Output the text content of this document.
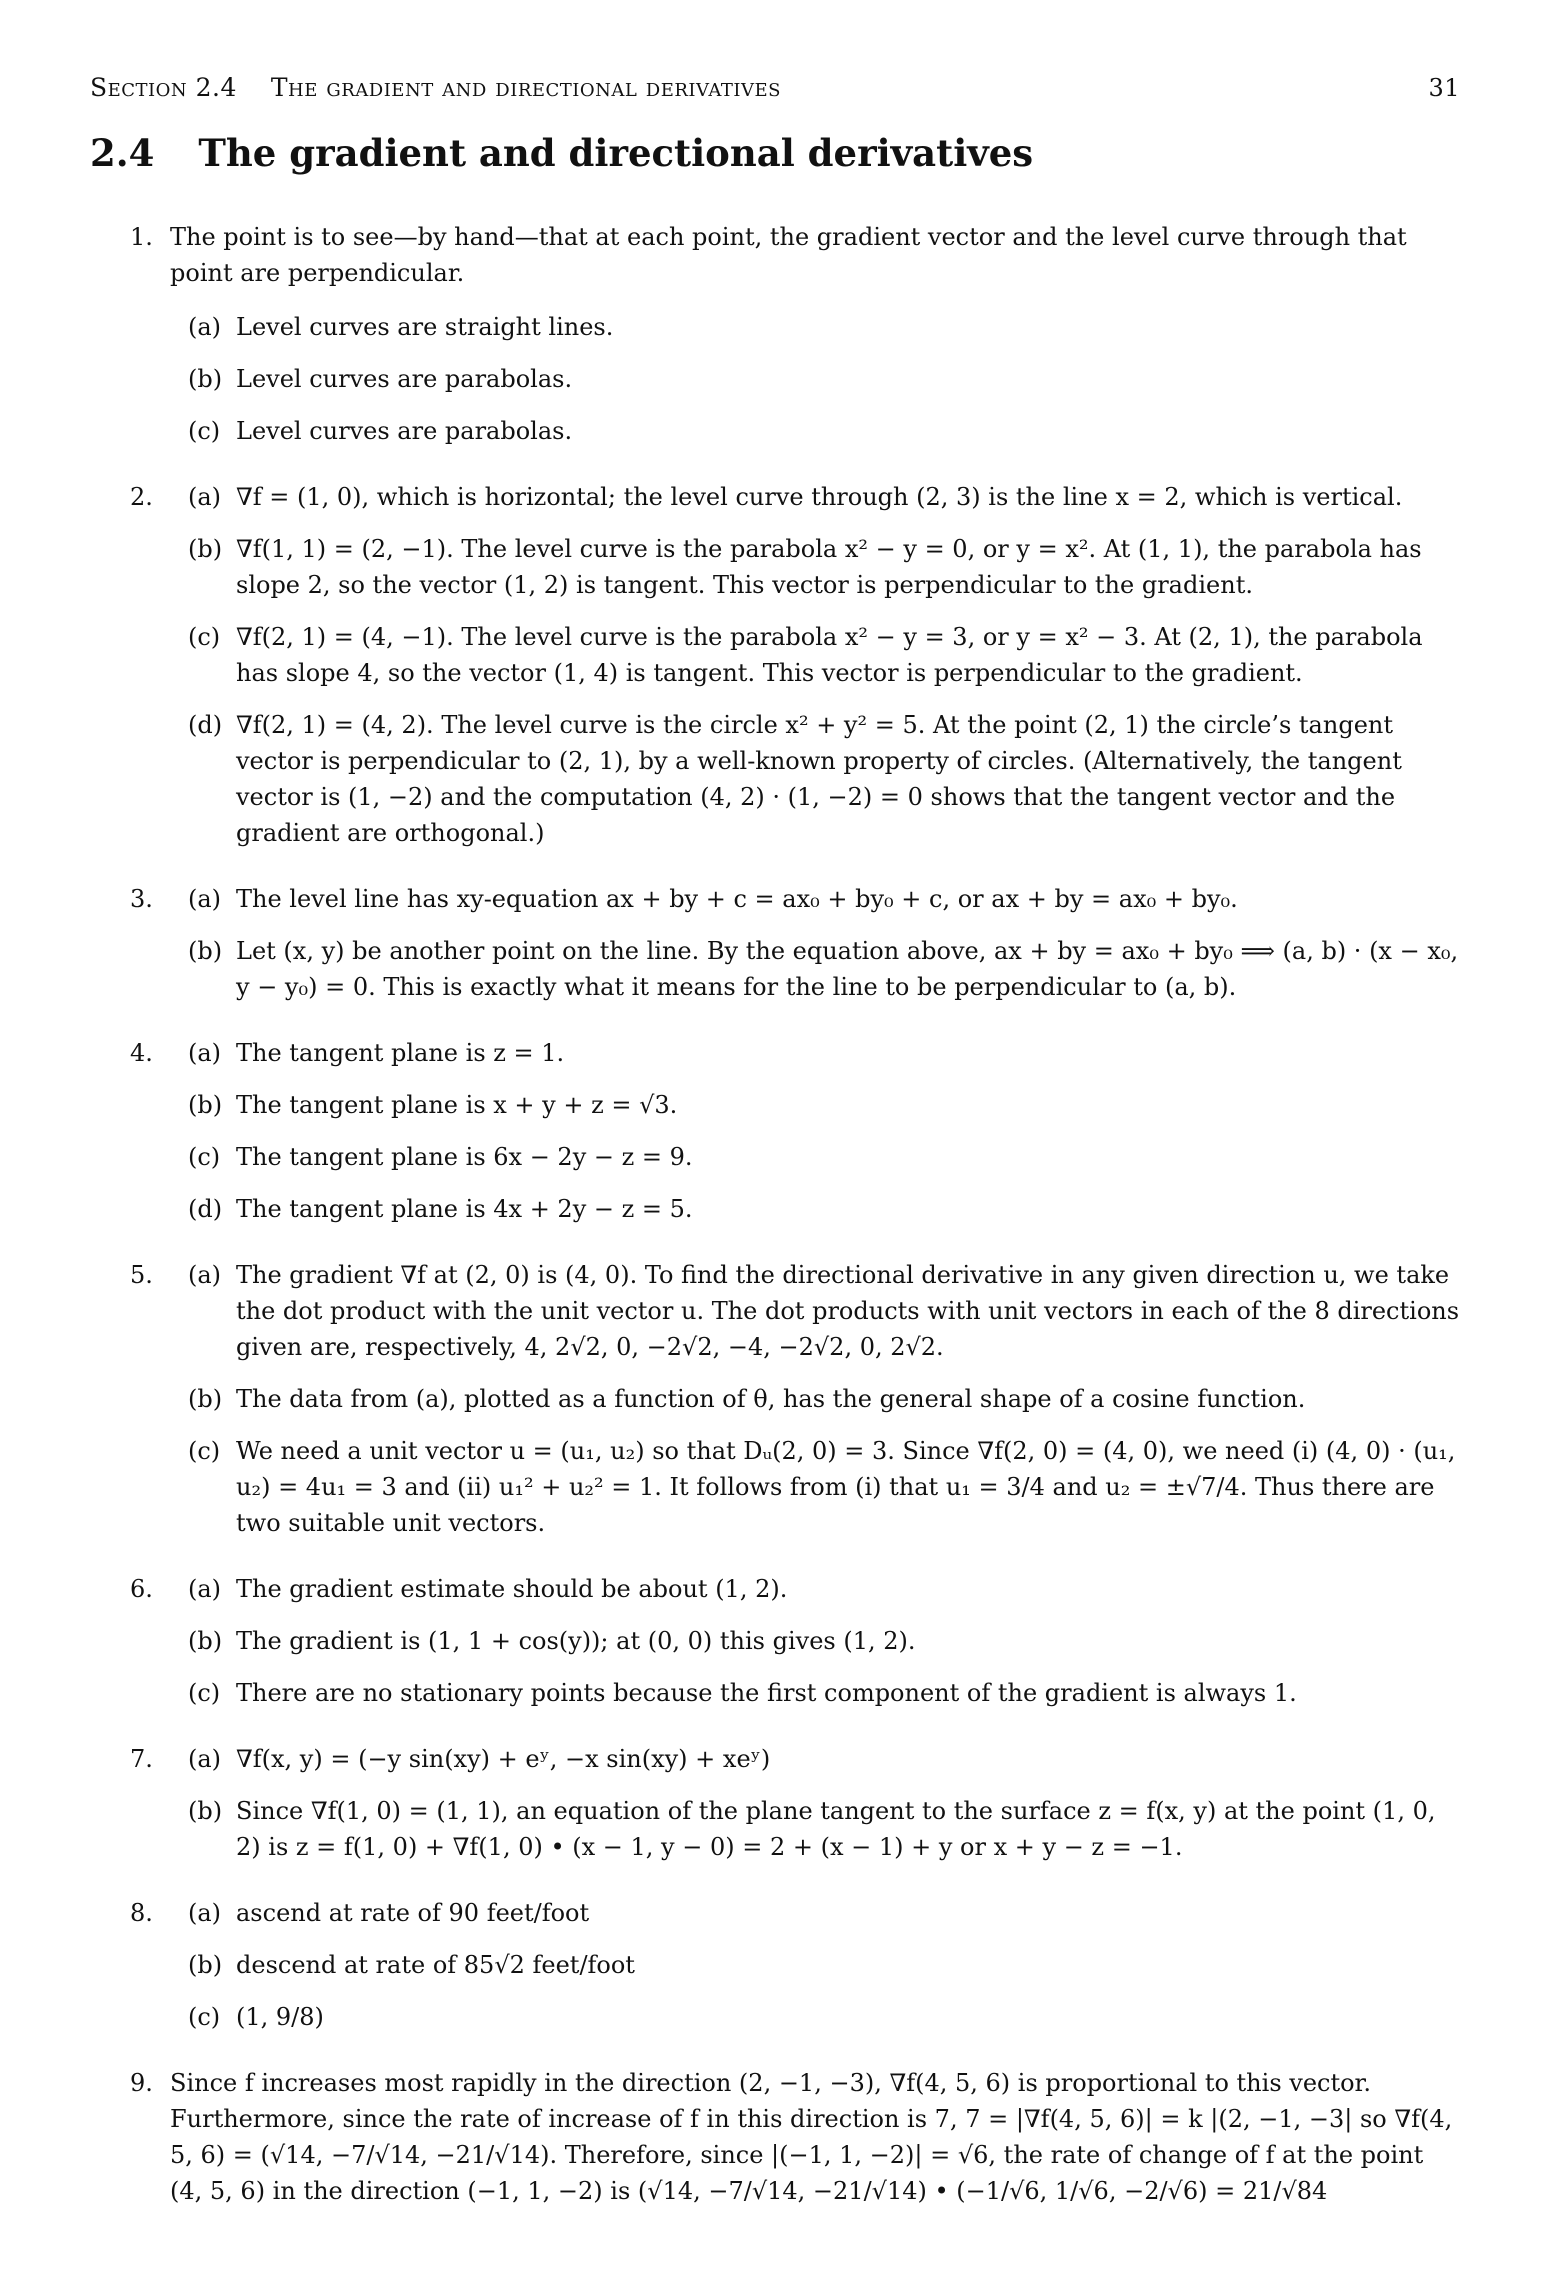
Section 2.4 The gradient and directional derivatives	31
2.4 The gradient and directional derivatives
1. The point is to see—by hand—that at each point, the gradient vector and the level curve through that point are perpendicular.
(a) Level curves are straight lines.
(b) Level curves are parabolas.
(c) Level curves are parabolas.
2.	(a) ∇f = (1, 0), which is horizontal; the level curve through (2, 3) is the line x = 2, which is vertical.
(b) ∇f(1, 1) = (2, −1). The level curve is the parabola x² − y = 0, or y = x². At (1, 1), the parabola has slope 2, so the vector (1, 2) is tangent. This vector is perpendicular to the gradient.
(c) ∇f(2, 1) = (4, −1). The level curve is the parabola x² − y = 3, or y = x² − 3. At (2, 1), the parabola has slope 4, so the vector (1, 4) is tangent. This vector is perpendicular to the gradient.
(d) ∇f(2, 1) = (4, 2). The level curve is the circle x² + y² = 5. At the point (2, 1) the circle’s tangent vector is perpendicular to (2, 1), by a well-known property of circles. (Alternatively, the tangent vector is (1, −2) and the computation (4, 2) · (1, −2) = 0 shows that the tangent vector and the gradient are orthogonal.)
3.	(a) The level line has xy-equation ax + by + c = ax₀ + by₀ + c, or ax + by = ax₀ + by₀.
(b) Let (x, y) be another point on the line. By the equation above, ax + by = ax₀ + by₀ ⟹ (a, b) · (x − x₀, y − y₀) = 0. This is exactly what it means for the line to be perpendicular to (a, b).
4.	(a) The tangent plane is z = 1.
(b) The tangent plane is x + y + z = √3.
(c) The tangent plane is 6x − 2y − z = 9.
(d) The tangent plane is 4x + 2y − z = 5.
5.	(a) The gradient ∇f at (2, 0) is (4, 0). To find the directional derivative in any given direction u, we take the dot product with the unit vector u. The dot products with unit vectors in each of the 8 directions given are, respectively, 4, 2√2, 0, −2√2, −4, −2√2, 0, 2√2.
(b) The data from (a), plotted as a function of θ, has the general shape of a cosine function.
(c) We need a unit vector u = (u₁, u₂) so that Dᵤ(2, 0) = 3. Since ∇f(2, 0) = (4, 0), we need (i) (4, 0) · (u₁, u₂) = 4u₁ = 3 and (ii) u₁² + u₂² = 1. It follows from (i) that u₁ = 3/4 and u₂ = ±√7/4. Thus there are two suitable unit vectors.
6.	(a) The gradient estimate should be about (1, 2).
(b) The gradient is (1, 1 + cos(y)); at (0, 0) this gives (1, 2).
(c) There are no stationary points because the first component of the gradient is always 1.
7.	(a) ∇f(x, y) = (−y sin(xy) + eʸ, −x sin(xy) + xeʸ)
(b) Since ∇f(1, 0) = (1, 1), an equation of the plane tangent to the surface z = f(x, y) at the point (1, 0, 2) is z = f(1, 0) + ∇f(1, 0) • (x − 1, y − 0) = 2 + (x − 1) + y or x + y − z = −1.
8.	(a) ascend at rate of 90 feet/foot
(b) descend at rate of 85√2 feet/foot
(c) (1, 9/8)
9. Since f increases most rapidly in the direction (2, −1, −3), ∇f(4, 5, 6) is proportional to this vector. Furthermore, since the rate of increase of f in this direction is 7, 7 = |∇f(4, 5, 6)| = k |(2, −1, −3| so ∇f(4, 5, 6) = (√14, −7/√14, −21/√14). Therefore, since |(−1, 1, −2)| = √6, the rate of change of f at the point (4, 5, 6) in the direction (−1, 1, −2) is (√14, −7/√14, −21/√14) • (−1/√6, 1/√6, −2/√6) = 21/√84
